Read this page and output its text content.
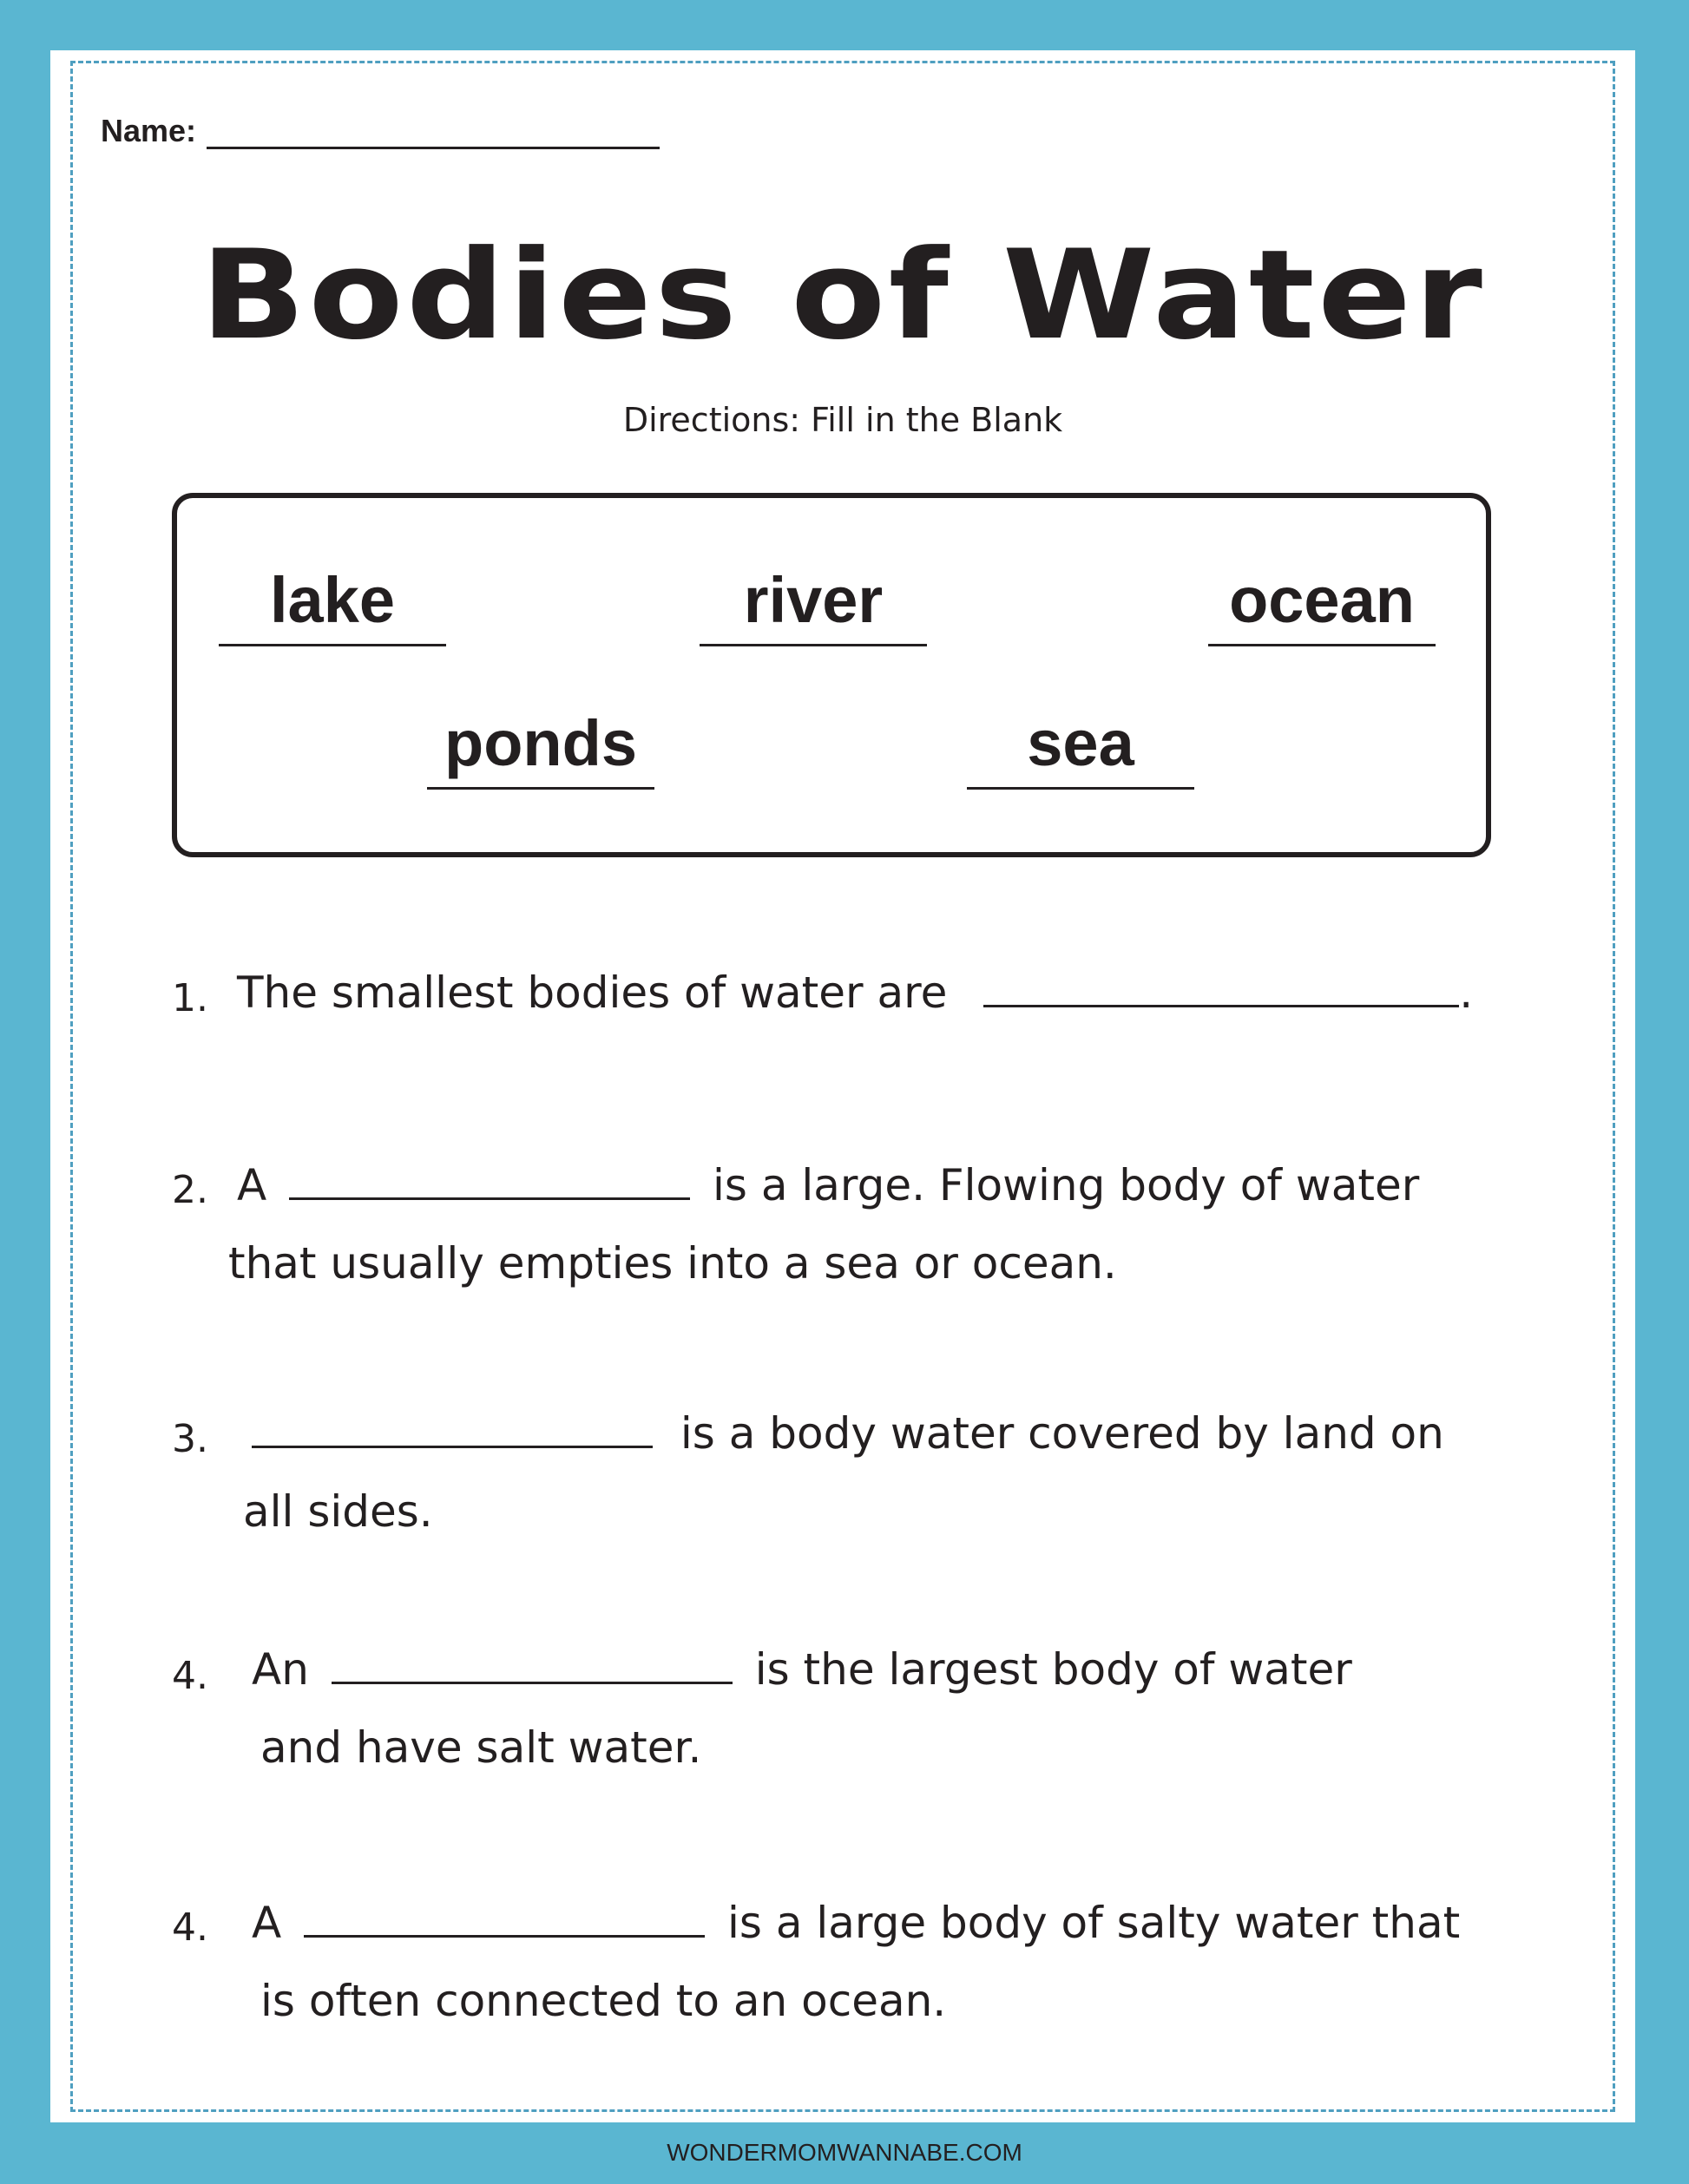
Name:
Bodies of Water
Directions: Fill in the Blank
lake	river	ocean
ponds	sea
1. The smallest bodies of water are	.
2. A	is a large. Flowing body of water
that usually empties into a sea or ocean.
3.	is a body water covered by land on
all sides.
4. An	is the largest body of water
and have salt water.
4. A	is a large body of salty water that
is often connected to an ocean.
WONDERMOMWANNABE.COM
